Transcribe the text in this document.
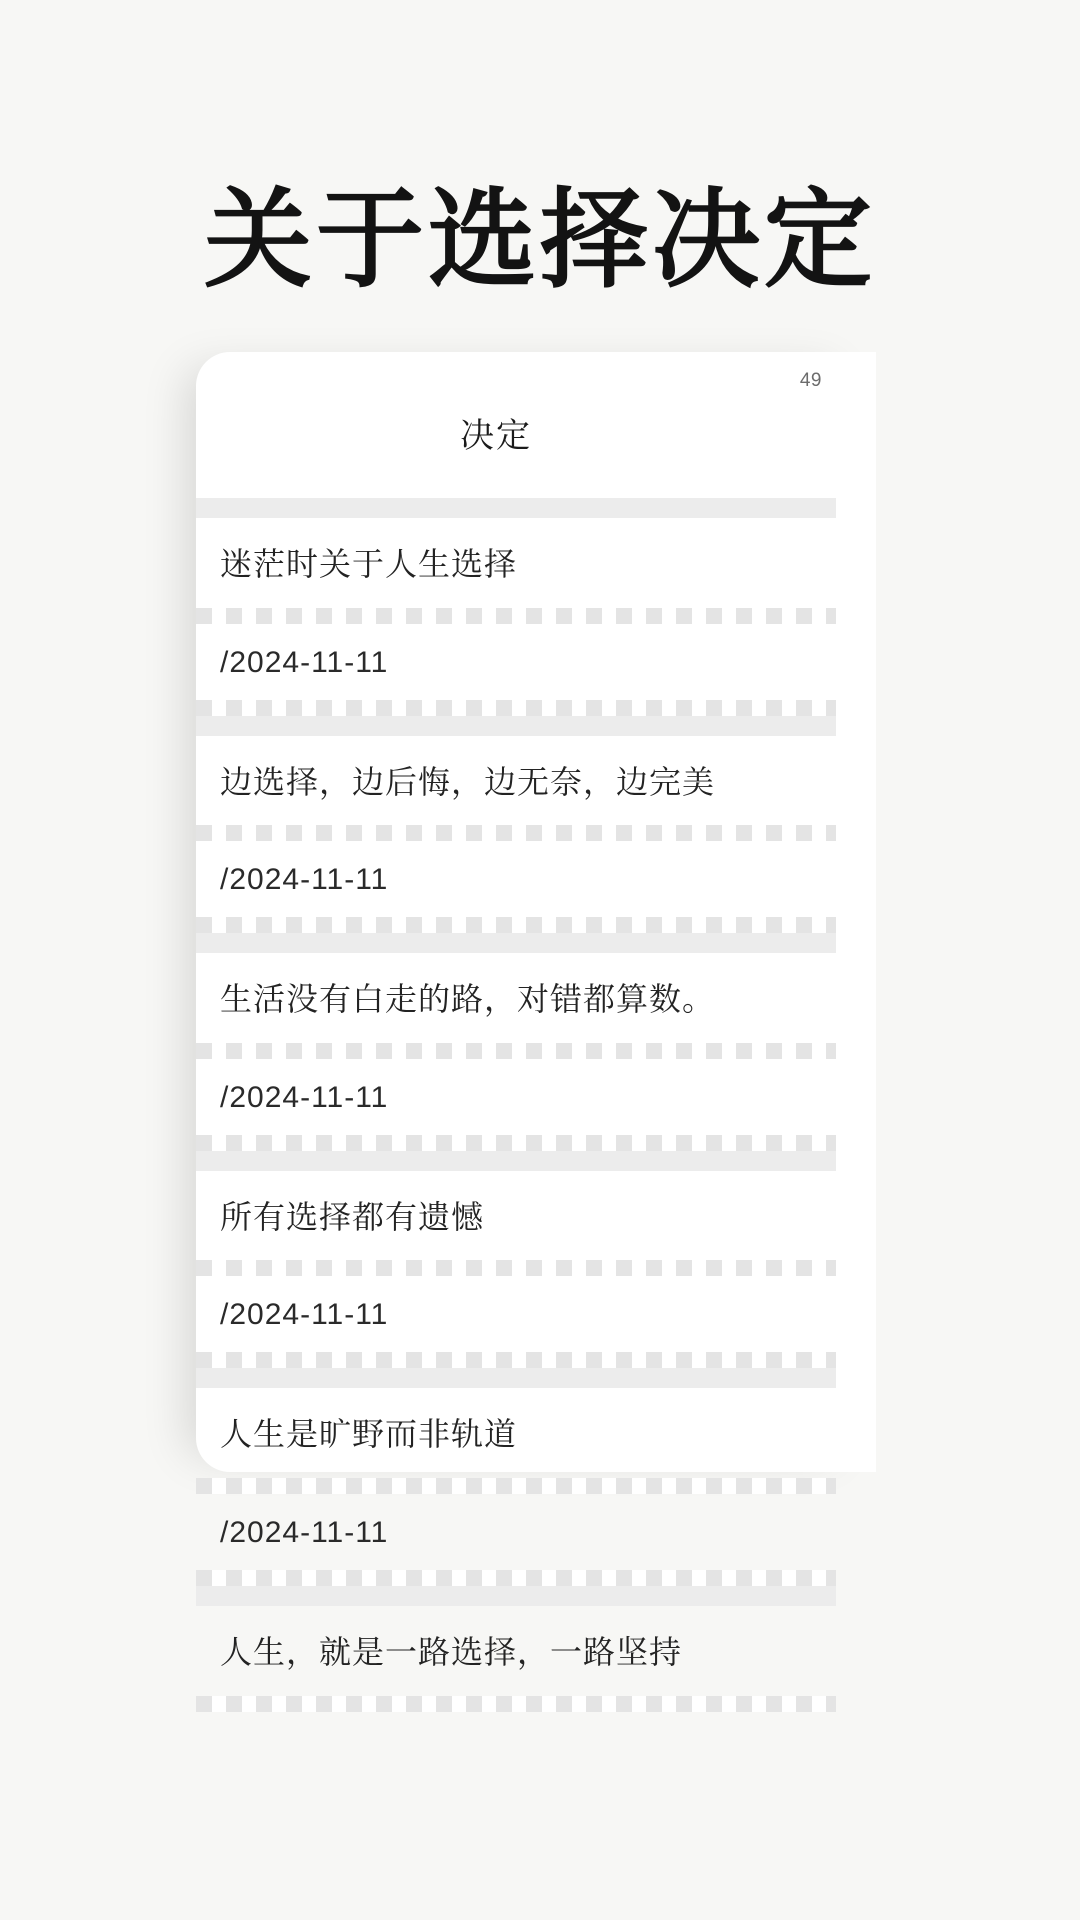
关于选择决定
49
决定
迷茫时关于人生选择
/2024-11-11
边选择，边后悔，边无奈，边完美
/2024-11-11
生活没有白走的路，对错都算数。
/2024-11-11
所有选择都有遗憾
/2024-11-11
人生是旷野而非轨道
/2024-11-11
人生，就是一路选择，一路坚持
